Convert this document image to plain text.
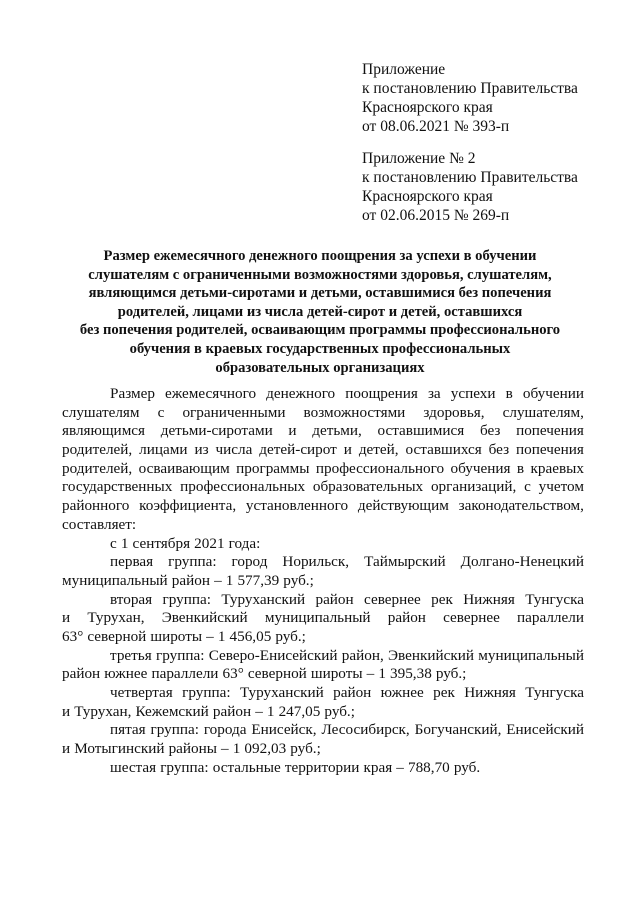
Приложение
к постановлению Правительства
Красноярского края
от 08.06.2021 № 393-п
Приложение № 2
к постановлению Правительства
Красноярского края
от 02.06.2015 № 269-п
Размер ежемесячного денежного поощрения за успехи в обучении
слушателям с ограниченными возможностями здоровья, слушателям,
являющимся детьми-сиротами и детьми, оставшимися без попечения
родителей, лицами из числа детей-сирот и детей, оставшихся
без попечения родителей, осваивающим программы профессионального
обучения в краевых государственных профессиональных
образовательных организациях
Размер ежемесячного денежного поощрения за успехи в обучении
слушателям с ограниченными возможностями здоровья, слушателям,
являющимся детьми-сиротами и детьми, оставшимися без попечения
родителей, лицами из числа детей-сирот и детей, оставшихся без попечения
родителей, осваивающим программы профессионального обучения в краевых
государственных профессиональных образовательных организаций, с учетом
районного коэффициента, установленного действующим законодательством,
составляет:
с 1 сентября 2021 года:
первая группа: город Норильск, Таймырский Долгано-Ненецкий
муниципальный район – 1 577,39 руб.;
вторая группа: Туруханский район севернее рек Нижняя Тунгуска
и Турухан, Эвенкийский муниципальный район севернее параллели
63° северной широты – 1 456,05 руб.;
третья группа: Северо-Енисейский район, Эвенкийский муниципальный
район южнее параллели 63° северной широты – 1 395,38 руб.;
четвертая группа: Туруханский район южнее рек Нижняя Тунгуска
и Турухан, Кежемский район – 1 247,05 руб.;
пятая группа: города Енисейск, Лесосибирск, Богучанский, Енисейский
и Мотыгинский районы – 1 092,03 руб.;
шестая группа: остальные территории края – 788,70 руб.
